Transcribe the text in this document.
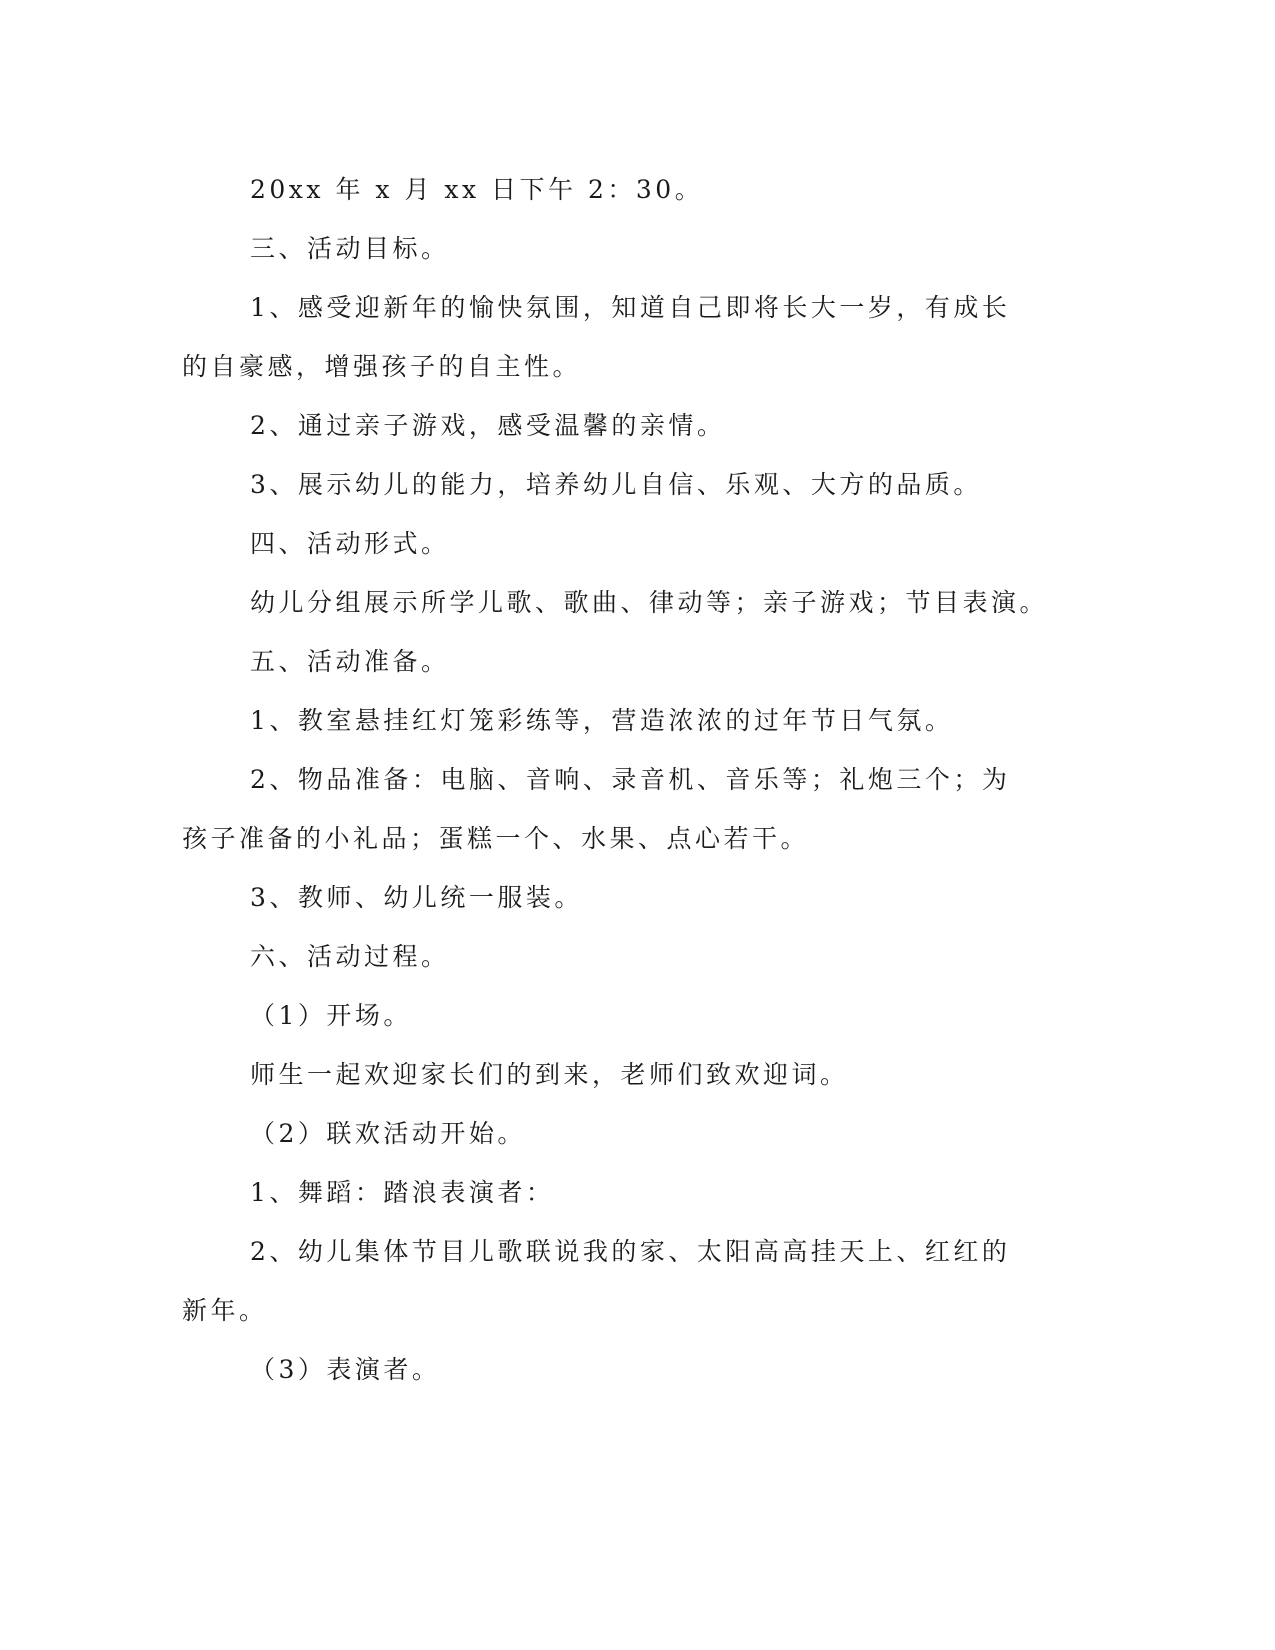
20xx 年 x 月 xx 日下午 2：30。

三、活动目标。

1、感受迎新年的愉快氛围，知道自己即将长大一岁，有成长的自豪感，增强孩子的自主性。

2、通过亲子游戏，感受温馨的亲情。

3、展示幼儿的能力，培养幼儿自信、乐观、大方的品质。

四、活动形式。

幼儿分组展示所学儿歌、歌曲、律动等；亲子游戏；节目表演。

五、活动准备。

1、教室悬挂红灯笼彩练等，营造浓浓的过年节日气氛。

2、物品准备：电脑、音响、录音机、音乐等；礼炮三个；为孩子准备的小礼品；蛋糕一个、水果、点心若干。

3、教师、幼儿统一服装。

六、活动过程。

（1）开场。

师生一起欢迎家长们的到来，老师们致欢迎词。

（2）联欢活动开始。

1、舞蹈：踏浪表演者：

2、幼儿集体节目儿歌联说我的家、太阳高高挂天上、红红的新年。

（3）表演者。
